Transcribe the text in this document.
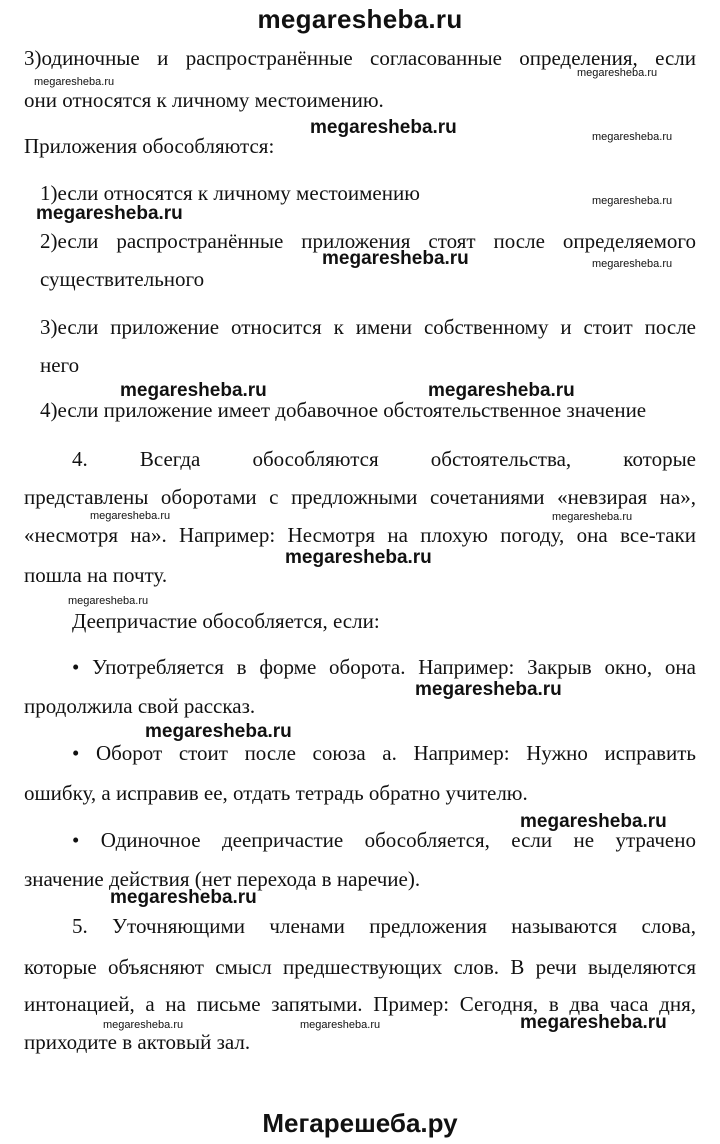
megaresheba.ru
3)одиночные и распространённые согласованные определения, если
они относятся к личному местоимению.
Приложения обособляются:
1)если относятся к личному местоимению
2)если распространённые приложения стоят после определяемого
существительного
3)если приложение относится к имени собственному и стоит после
него
4)если приложение имеет добавочное обстоятельственное значение
4. Всегда обособляются обстоятельства, которые
представлены оборотами с предложными сочетаниями «невзирая на»,
«несмотря на». Например: Несмотря на плохую погоду, она все-таки
пошла на почту.
Деепричастие обособляется, если:
• Употребляется в форме оборота. Например: Закрыв окно, она
продолжила свой рассказ.
• Оборот стоит после союза а. Например: Нужно исправить
ошибку, а исправив ее, отдать тетрадь обратно учителю.
• Одиночное деепричастие обособляется, если не утрачено
значение действия (нет перехода в наречие).
5. Уточняющими членами предложения называются слова,
которые объясняют смысл предшествующих слов. В речи выделяются
интонацией, а на письме запятыми. Пример: Сегодня, в два часа дня,
приходите в актовый зал.
megaresheba.ru
megaresheba.ru
megaresheba.ru	megaresheba.ru
megaresheba.ru
megaresheba.ru
megaresheba.ru	megaresheba.ru
megaresheba.ru	megaresheba.ru
megaresheba.ru	megaresheba.ru
megaresheba.ru
megaresheba.ru
megaresheba.ru
megaresheba.ru
megaresheba.ru
megaresheba.ru
megaresheba.ru	megaresheba.ru	megaresheba.ru
Мегарешеба.ру
